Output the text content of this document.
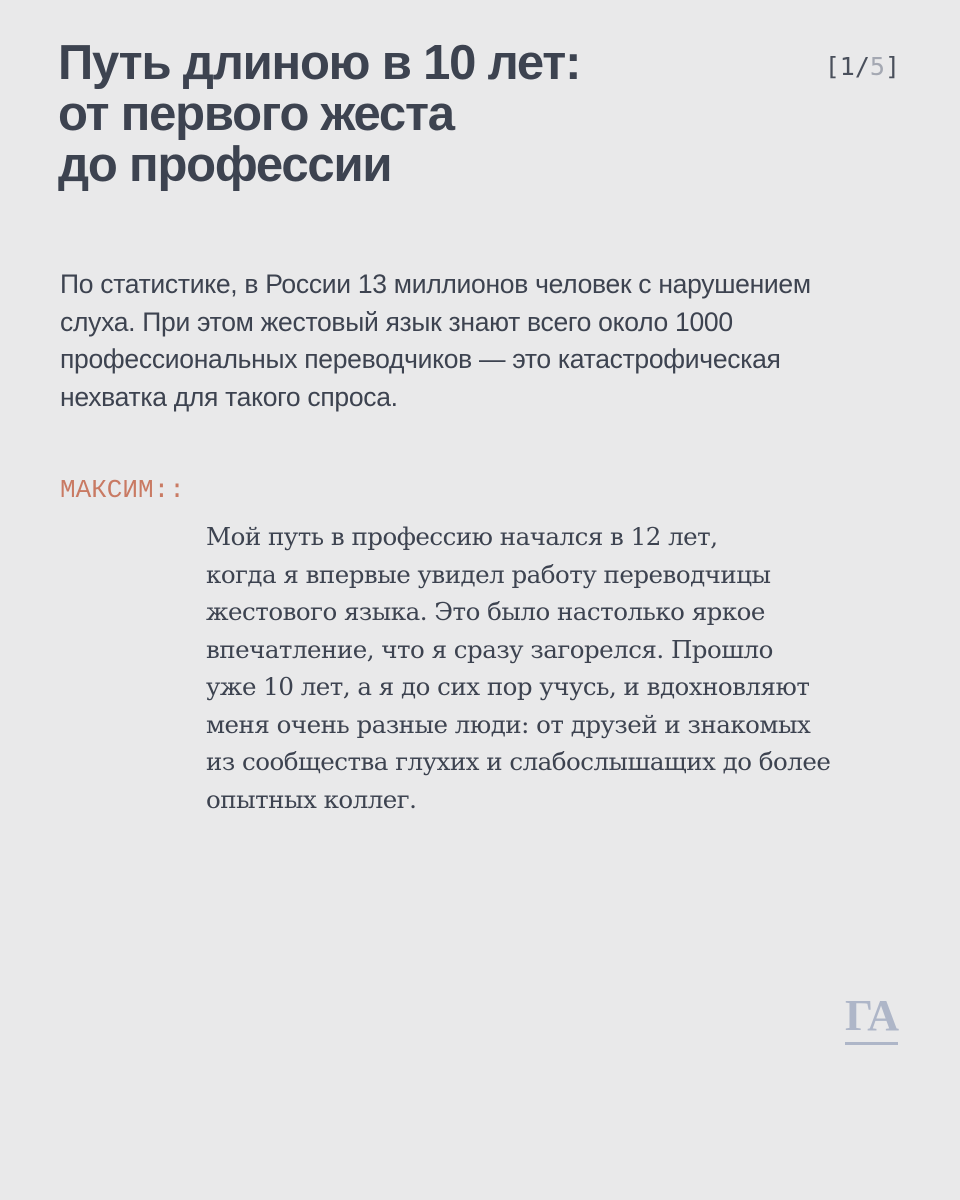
Путь длиною в 10 лет:
от первого жеста
до профессии
[1/5]

По статистике, в России 13 миллионов человек с нарушением
слуха. При этом жестовый язык знают всего около 1000
профессиональных переводчиков — это катастрофическая
нехватка для такого спроса.

МАКСИМ::

Мой путь в профессию начался в 12 лет,
когда я впервые увидел работу переводчицы
жестового языка. Это было настолько яркое
впечатление, что я сразу загорелся. Прошло
уже 10 лет, а я до сих пор учусь, и вдохновляют
меня очень разные люди: от друзей и знакомых
из сообщества глухих и слабослышащих до более
опытных коллег.

ГА
